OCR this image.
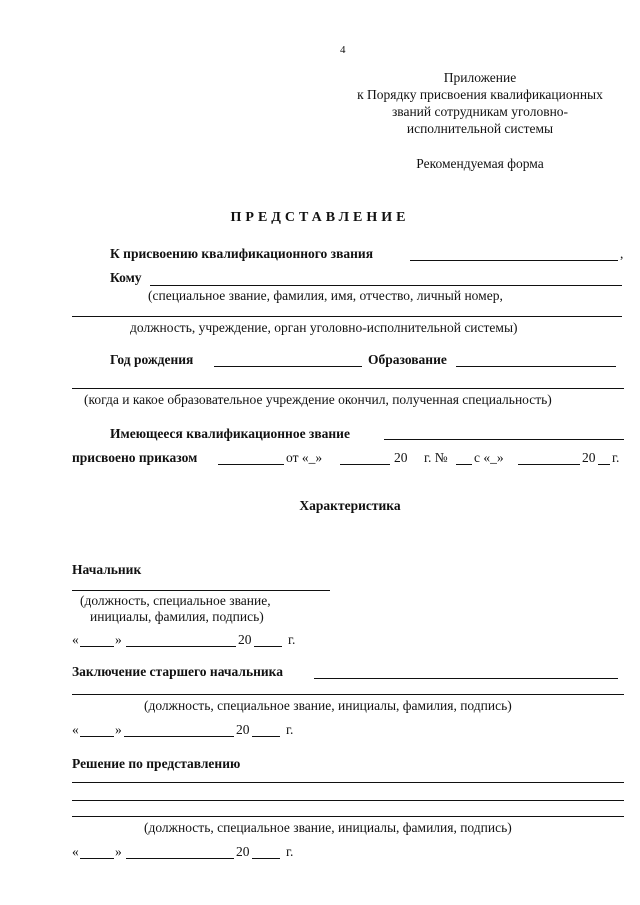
4
Приложение
к Порядку присвоения квалификационных
званий сотрудникам уголовно-
исполнительной системы
Рекомендуемая форма
ПРЕДСТАВЛЕНИЕ
К присвоению квалификационного звания	,
Кому
(специальное звание, фамилия, имя, отчество, личный номер,
должность, учреждение, орган уголовно-исполнительной системы)
Год рождения	Образование
(когда и какое образовательное учреждение окончил, полученная специальность)
Имеющееся квалификационное звание
присвоено приказом	от «_»	20 г. № с «_»	20 г.
Характеристика
Начальник
(должность, специальное звание,
инициалы, фамилия, подпись)
«	»	20	г.
Заключение старшего начальника
(должность, специальное звание, инициалы, фамилия, подпись)
«	»	20	г.
Решение по представлению
(должность, специальное звание, инициалы, фамилия, подпись)
«	»	20	г.
